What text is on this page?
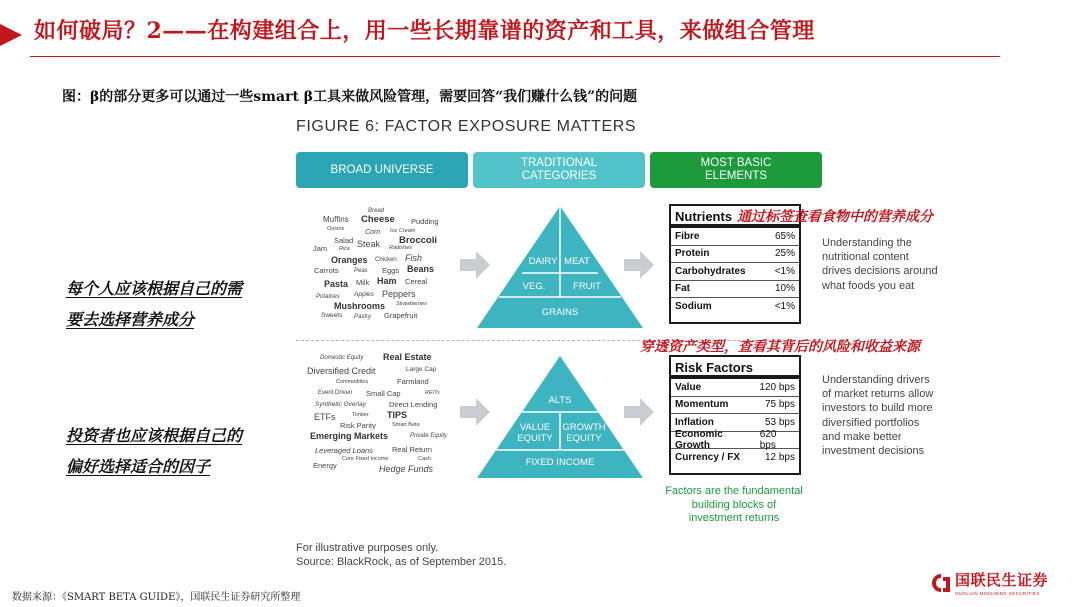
如何破局？2——在构建组合上，用一些长期靠谱的资产和工具，来做组合管理
图：β的部分更多可以通过一些smart β工具来做风险管理，需要回答“我们赚什么钱”的问题
FIGURE 6: FACTOR EXPOSURE MATTERS
BROAD UNIVERSE
TRADITIONAL
CATEGORIES
MOST BASIC
ELEMENTS
Bread
Muffins Cheese Pudding
Onions	Corn Ice Cream
Salad	Broccoli
Jam Rice Steak Radishes
Oranges Chicken Fish
Carrots	Peas Eggs Beans
Pasta Milk Ham Cereal
Potatoes Apples Peppers
Mushrooms Strawberries
Sweets Pastry Grapefruit
Domestic Equity Real Estate
Diversified Credit	Large Cap
Commodities	Farmland
Event Driven Small Cap	REITs
Synthetic Overlay	Direct Lending
ETFs	Timber TIPS
Risk Parity	Smart Beta
Emerging Markets	Private Equity
Leveraged Loans	Real Return
Core Fixed Income	Cash
Energy	Hedge Funds
DAIRY MEAT
VEG.	FRUIT
GRAINS
ALTS
VALUE
EQUITY
GROWTH
EQUITY
FIXED INCOME
Nutrients
Fibre	65%
Protein	25%
Carbohydrates	<1%
Fat	10%
Sodium	<1%
Understanding the
nutritional content
drives decisions around
what foods you eat
Risk Factors
Value	120 bps
Momentum	75 bps
Inflation	53 bps
Economic Growth
620 bps
Currency / FX 12 bps
Understanding drivers
of market returns allow
investors to build more
diversified portfolios
and make better
investment decisions
Factors are the fundamental
building blocks of
investment returns
通过标签查看食物中的营养成分
穿透资产类型，查看其背后的风险和收益来源
每个人应该根据自己的需
要去选择营养成分
投资者也应该根据自己的
偏好选择适合的因子
For illustrative purposes only.
Source: BlackRock, as of September 2015.
数据来源：《SMART BETA GUIDE》，国联民生证券研究所整理
国联民生证券
GUOLIAN MINSHENG SECURITIES
